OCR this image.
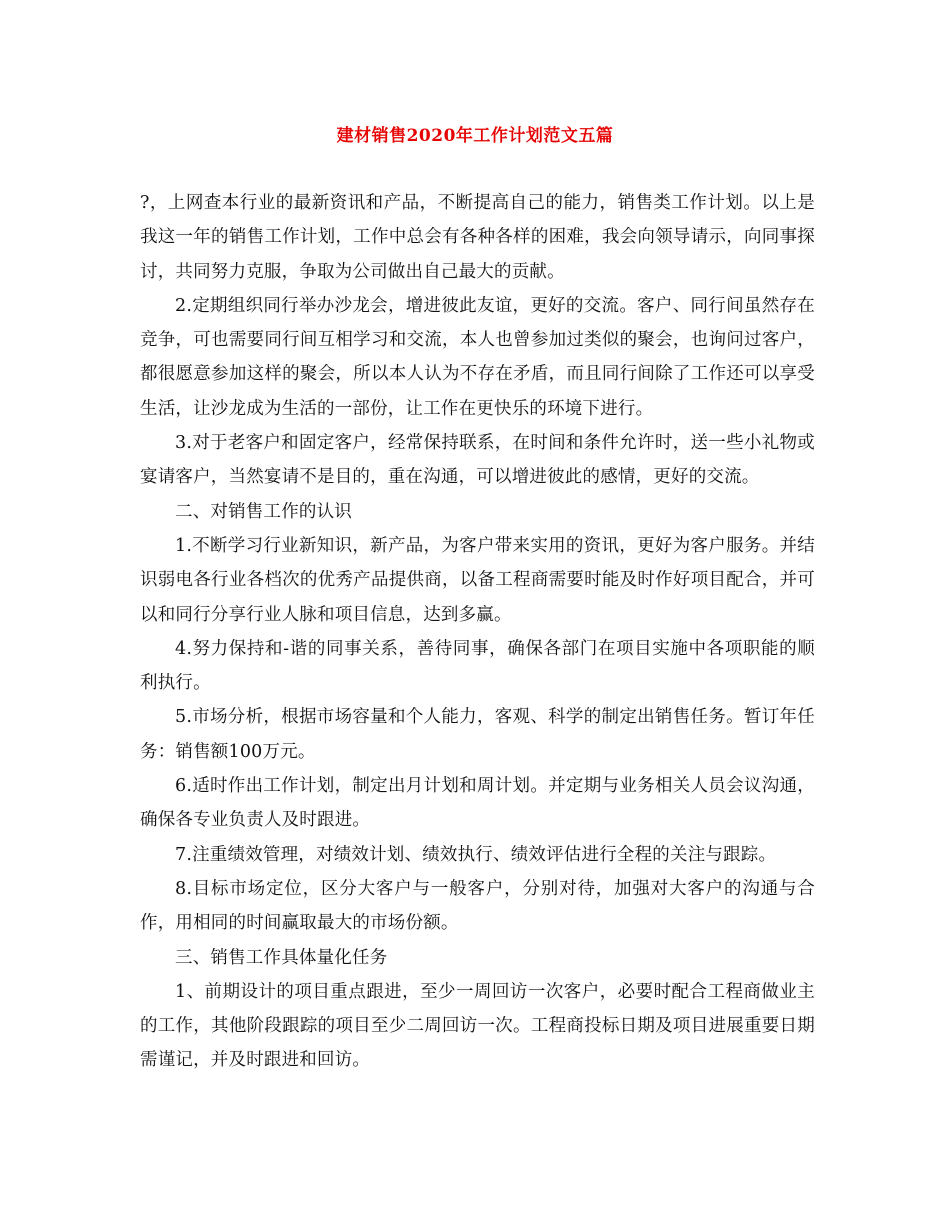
建材销售2020年工作计划范文五篇

?，上网查本行业的最新资讯和产品，不断提高自己的能力，销售类工作计划。以上是我这一年的销售工作计划，工作中总会有各种各样的困难，我会向领导请示，向同事探讨，共同努力克服，争取为公司做出自己最大的贡献。

2.定期组织同行举办沙龙会，增进彼此友谊，更好的交流。客户、同行间虽然存在竞争，可也需要同行间互相学习和交流，本人也曾参加过类似的聚会，也询问过客户，都很愿意参加这样的聚会，所以本人认为不存在矛盾，而且同行间除了工作还可以享受生活，让沙龙成为生活的一部份，让工作在更快乐的环境下进行。

3.对于老客户和固定客户，经常保持联系，在时间和条件允许时，送一些小礼物或宴请客户，当然宴请不是目的，重在沟通，可以增进彼此的感情，更好的交流。

二、对销售工作的认识

1.不断学习行业新知识，新产品，为客户带来实用的资讯，更好为客户服务。并结识弱电各行业各档次的优秀产品提供商，以备工程商需要时能及时作好项目配合，并可以和同行分享行业人脉和项目信息，达到多赢。

4.努力保持和-谐的同事关系，善待同事，确保各部门在项目实施中各项职能的顺利执行。

5.市场分析，根据市场容量和个人能力，客观、科学的制定出销售任务。暂订年任务：销售额100万元。

6.适时作出工作计划，制定出月计划和周计划。并定期与业务相关人员会议沟通，确保各专业负责人及时跟进。

7.注重绩效管理，对绩效计划、绩效执行、绩效评估进行全程的关注与跟踪。

8.目标市场定位，区分大客户与一般客户，分别对待，加强对大客户的沟通与合作，用相同的时间赢取最大的市场份额。

三、销售工作具体量化任务

1、前期设计的项目重点跟进，至少一周回访一次客户，必要时配合工程商做业主的工作，其他阶段跟踪的项目至少二周回访一次。工程商投标日期及项目进展重要日期需谨记，并及时跟进和回访。
